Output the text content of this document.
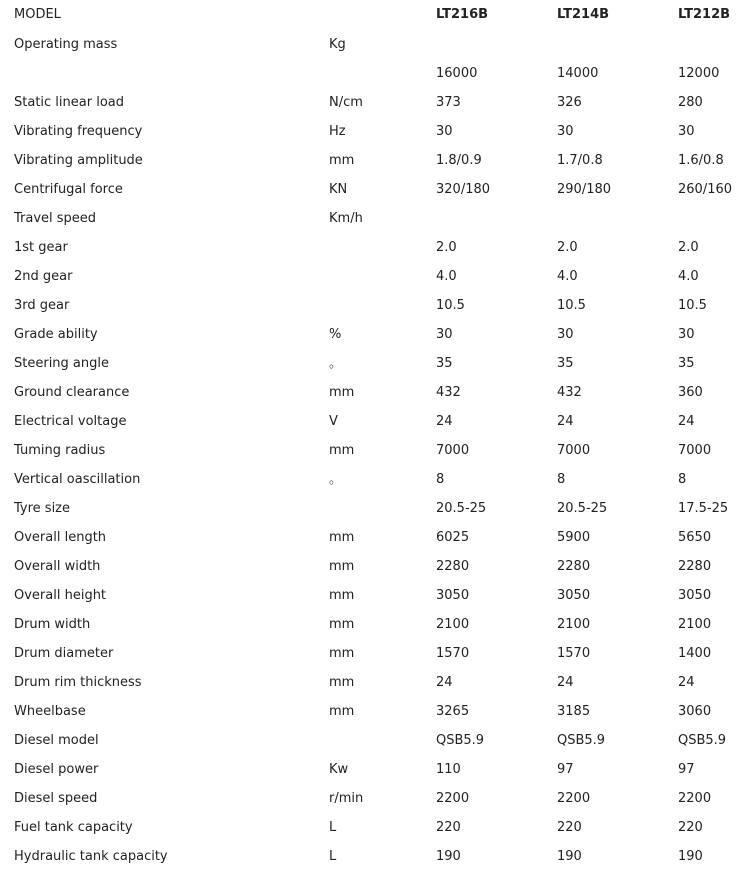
MODEL		LT216B	LT214B	LT212B
Operating mass	Kg			
		16000	14000	12000
Static linear load	N/cm	373	326	280
Vibrating frequency	Hz	30	30	30
Vibrating amplitude	mm	1.8/0.9	1.7/0.8	1.6/0.8
Centrifugal force	KN	320/180	290/180	260/160
Travel speed	Km/h			
1st gear		2.0	2.0	2.0
2nd gear		4.0	4.0	4.0
3rd gear		10.5	10.5	10.5
Grade ability	%	30	30	30
Steering angle	。	35	35	35
Ground clearance	mm	432	432	360
Electrical voltage	V	24	24	24
Tuming radius	mm	7000	7000	7000
Vertical oascillation	。	8	8	8
Tyre size		20.5-25	20.5-25	17.5-25
Overall length	mm	6025	5900	5650
Overall width	mm	2280	2280	2280
Overall height	mm	3050	3050	3050
Drum width	mm	2100	2100	2100
Drum diameter	mm	1570	1570	1400
Drum rim thickness	mm	24	24	24
Wheelbase	mm	3265	3185	3060
Diesel model		QSB5.9	QSB5.9	QSB5.9
Diesel power	Kw	110	97	97
Diesel speed	r/min	2200	2200	2200
Fuel tank capacity	L	220	220	220
Hydraulic tank capacity	L	190	190	190
